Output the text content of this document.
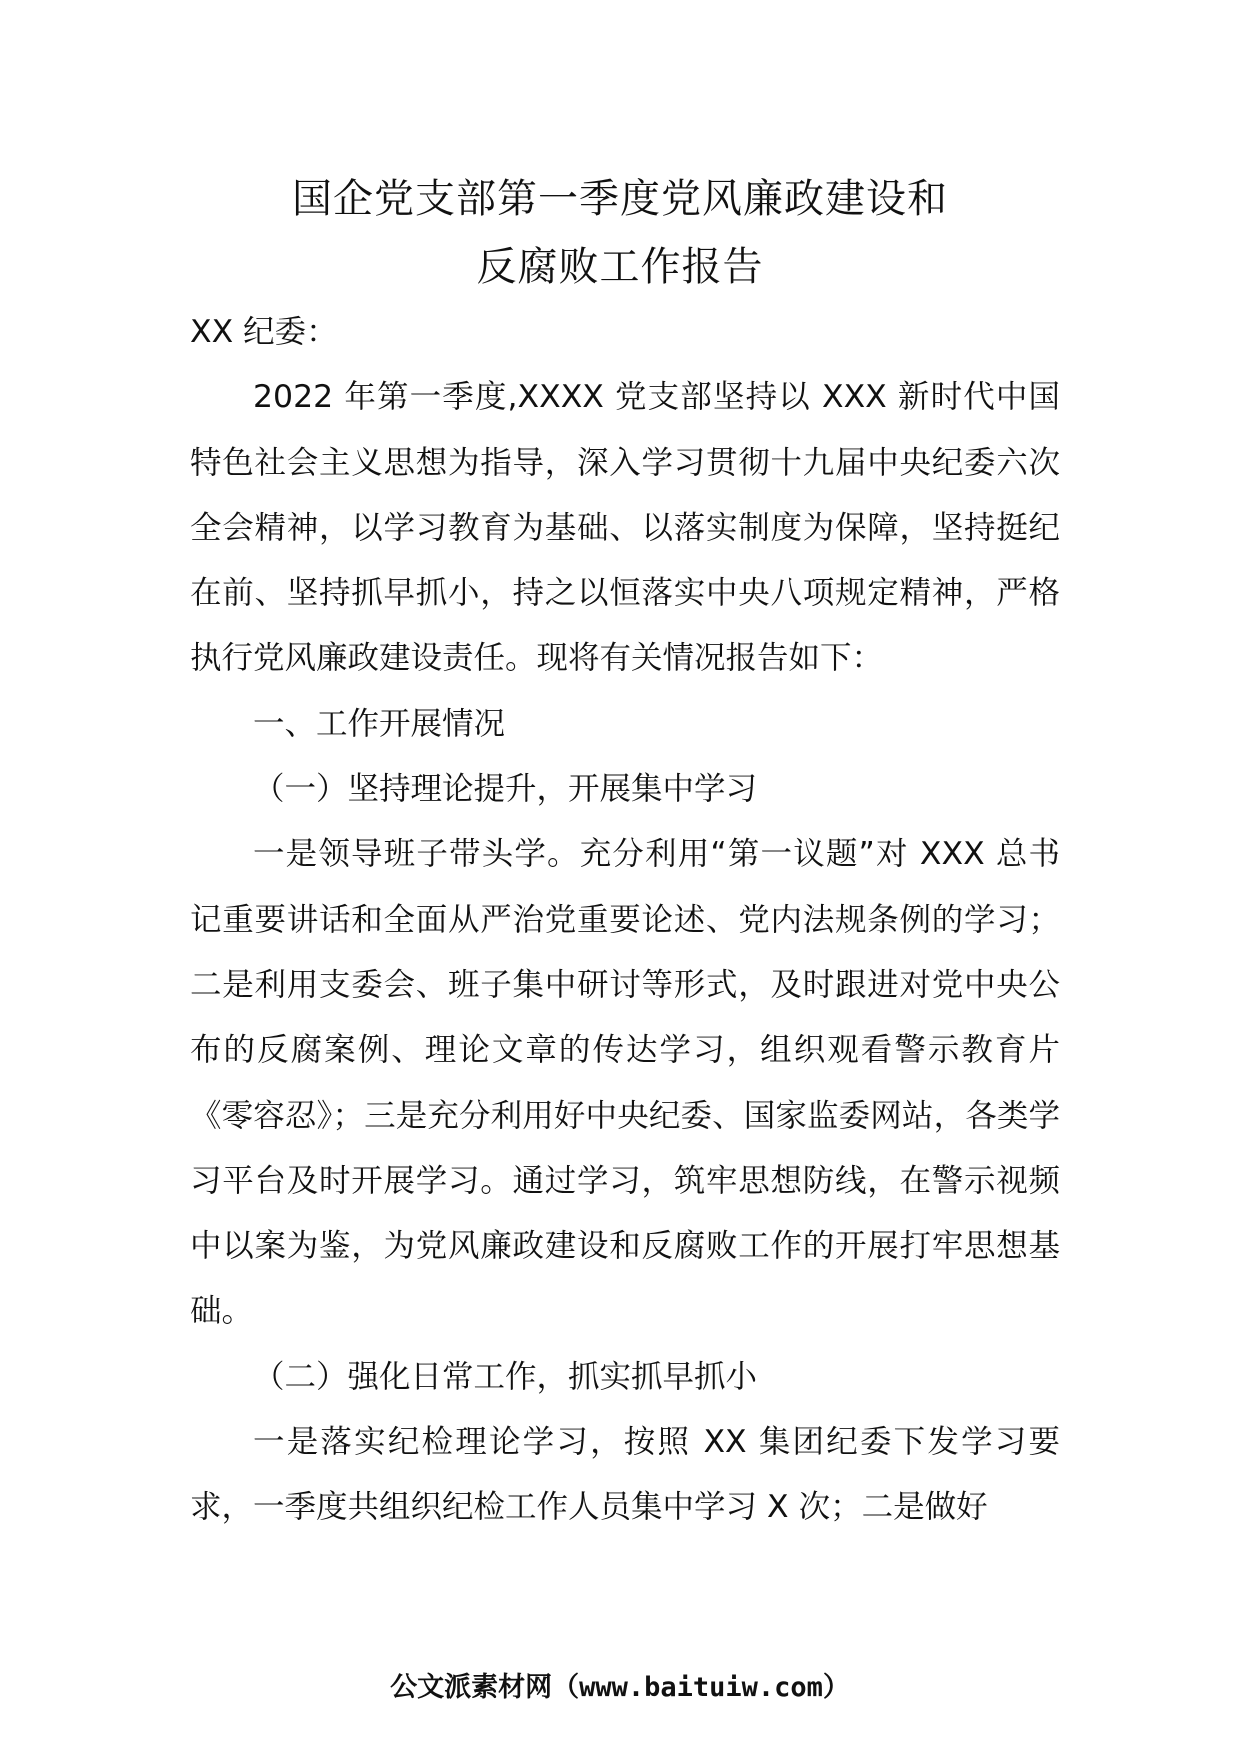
国企党支部第一季度党风廉政建设和
反腐败工作报告

XX 纪委：

2022 年第一季度,XXXX 党支部坚持以 XXX 新时代中国特色社会主义思想为指导，深入学习贯彻十九届中央纪委六次全会精神，以学习教育为基础、以落实制度为保障，坚持挺纪在前、坚持抓早抓小，持之以恒落实中央八项规定精神，严格执行党风廉政建设责任。现将有关情况报告如下：

一、工作开展情况

（一）坚持理论提升，开展集中学习

一是领导班子带头学。充分利用“第一议题”对 XXX 总书记重要讲话和全面从严治党重要论述、党内法规条例的学习；二是利用支委会、班子集中研讨等形式，及时跟进对党中央公布的反腐案例、理论文章的传达学习，组织观看警示教育片《零容忍》；三是充分利用好中央纪委、国家监委网站，各类学习平台及时开展学习。通过学习，筑牢思想防线，在警示视频中以案为鉴，为党风廉政建设和反腐败工作的开展打牢思想基础。

（二）强化日常工作，抓实抓早抓小

一是落实纪检理论学习，按照 XX 集团纪委下发学习要求，一季度共组织纪检工作人员集中学习 X 次；二是做好

公文派素材网（www.baituiw.com）
